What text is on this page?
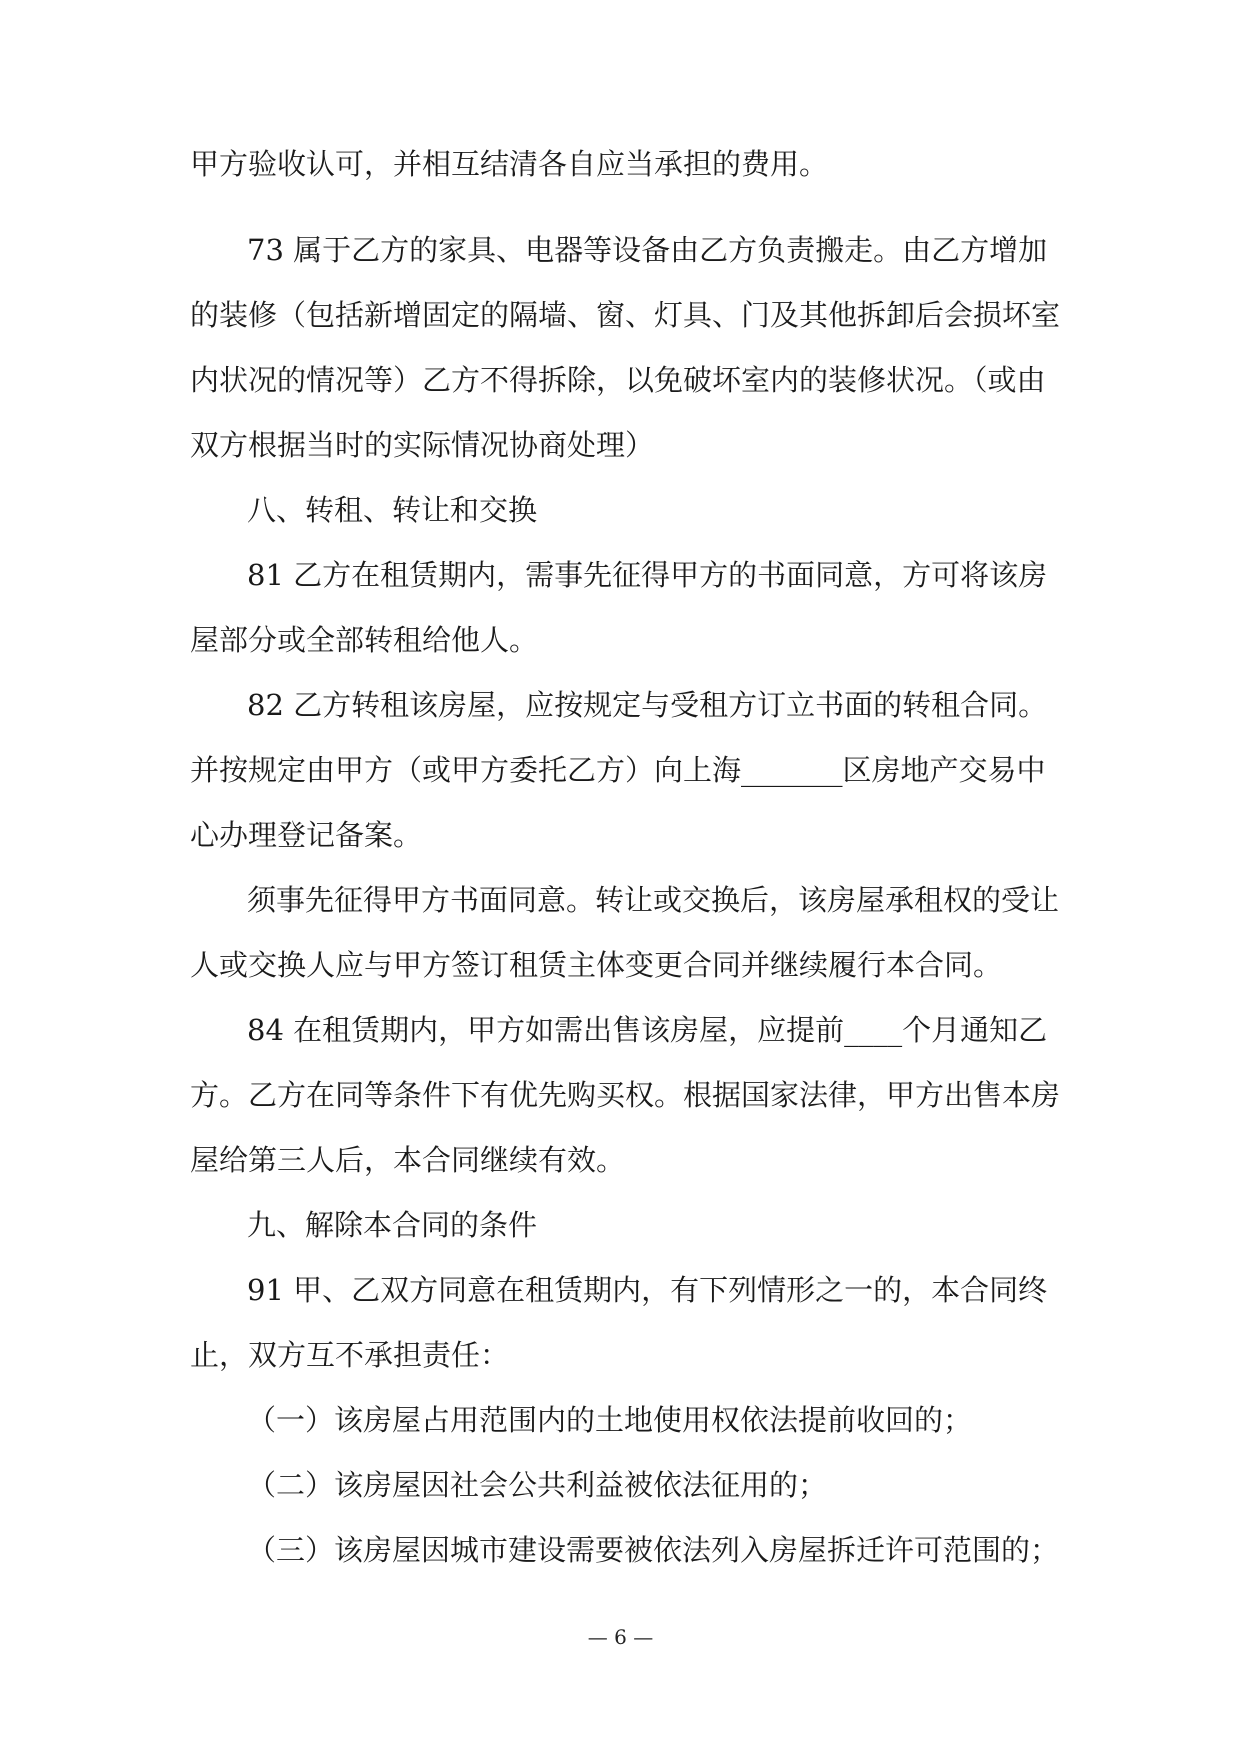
甲方验收认可，并相互结清各自应当承担的费用。

73 属于乙方的家具、电器等设备由乙方负责搬走。由乙方增加

的装修（包括新增固定的隔墙、窗、灯具、门及其他拆卸后会损坏室

内状况的情况等）乙方不得拆除，以免破坏室内的装修状况。（或由

双方根据当时的实际情况协商处理）

八、转租、转让和交换

81 乙方在租赁期内，需事先征得甲方的书面同意，方可将该房

屋部分或全部转租给他人。

82 乙方转租该房屋，应按规定与受租方订立书面的转租合同。

并按规定由甲方（或甲方委托乙方）向上海_______区房地产交易中

心办理登记备案。

须事先征得甲方书面同意。转让或交换后，该房屋承租权的受让

人或交换人应与甲方签订租赁主体变更合同并继续履行本合同。

84 在租赁期内，甲方如需出售该房屋，应提前____个月通知乙

方。乙方在同等条件下有优先购买权。根据国家法律，甲方出售本房

屋给第三人后，本合同继续有效。

九、解除本合同的条件

91 甲、乙双方同意在租赁期内，有下列情形之一的，本合同终

止，双方互不承担责任：

（一）该房屋占用范围内的土地使用权依法提前收回的；

（二）该房屋因社会公共利益被依法征用的；

（三）该房屋因城市建设需要被依法列入房屋拆迁许可范围的；

— 6 —
